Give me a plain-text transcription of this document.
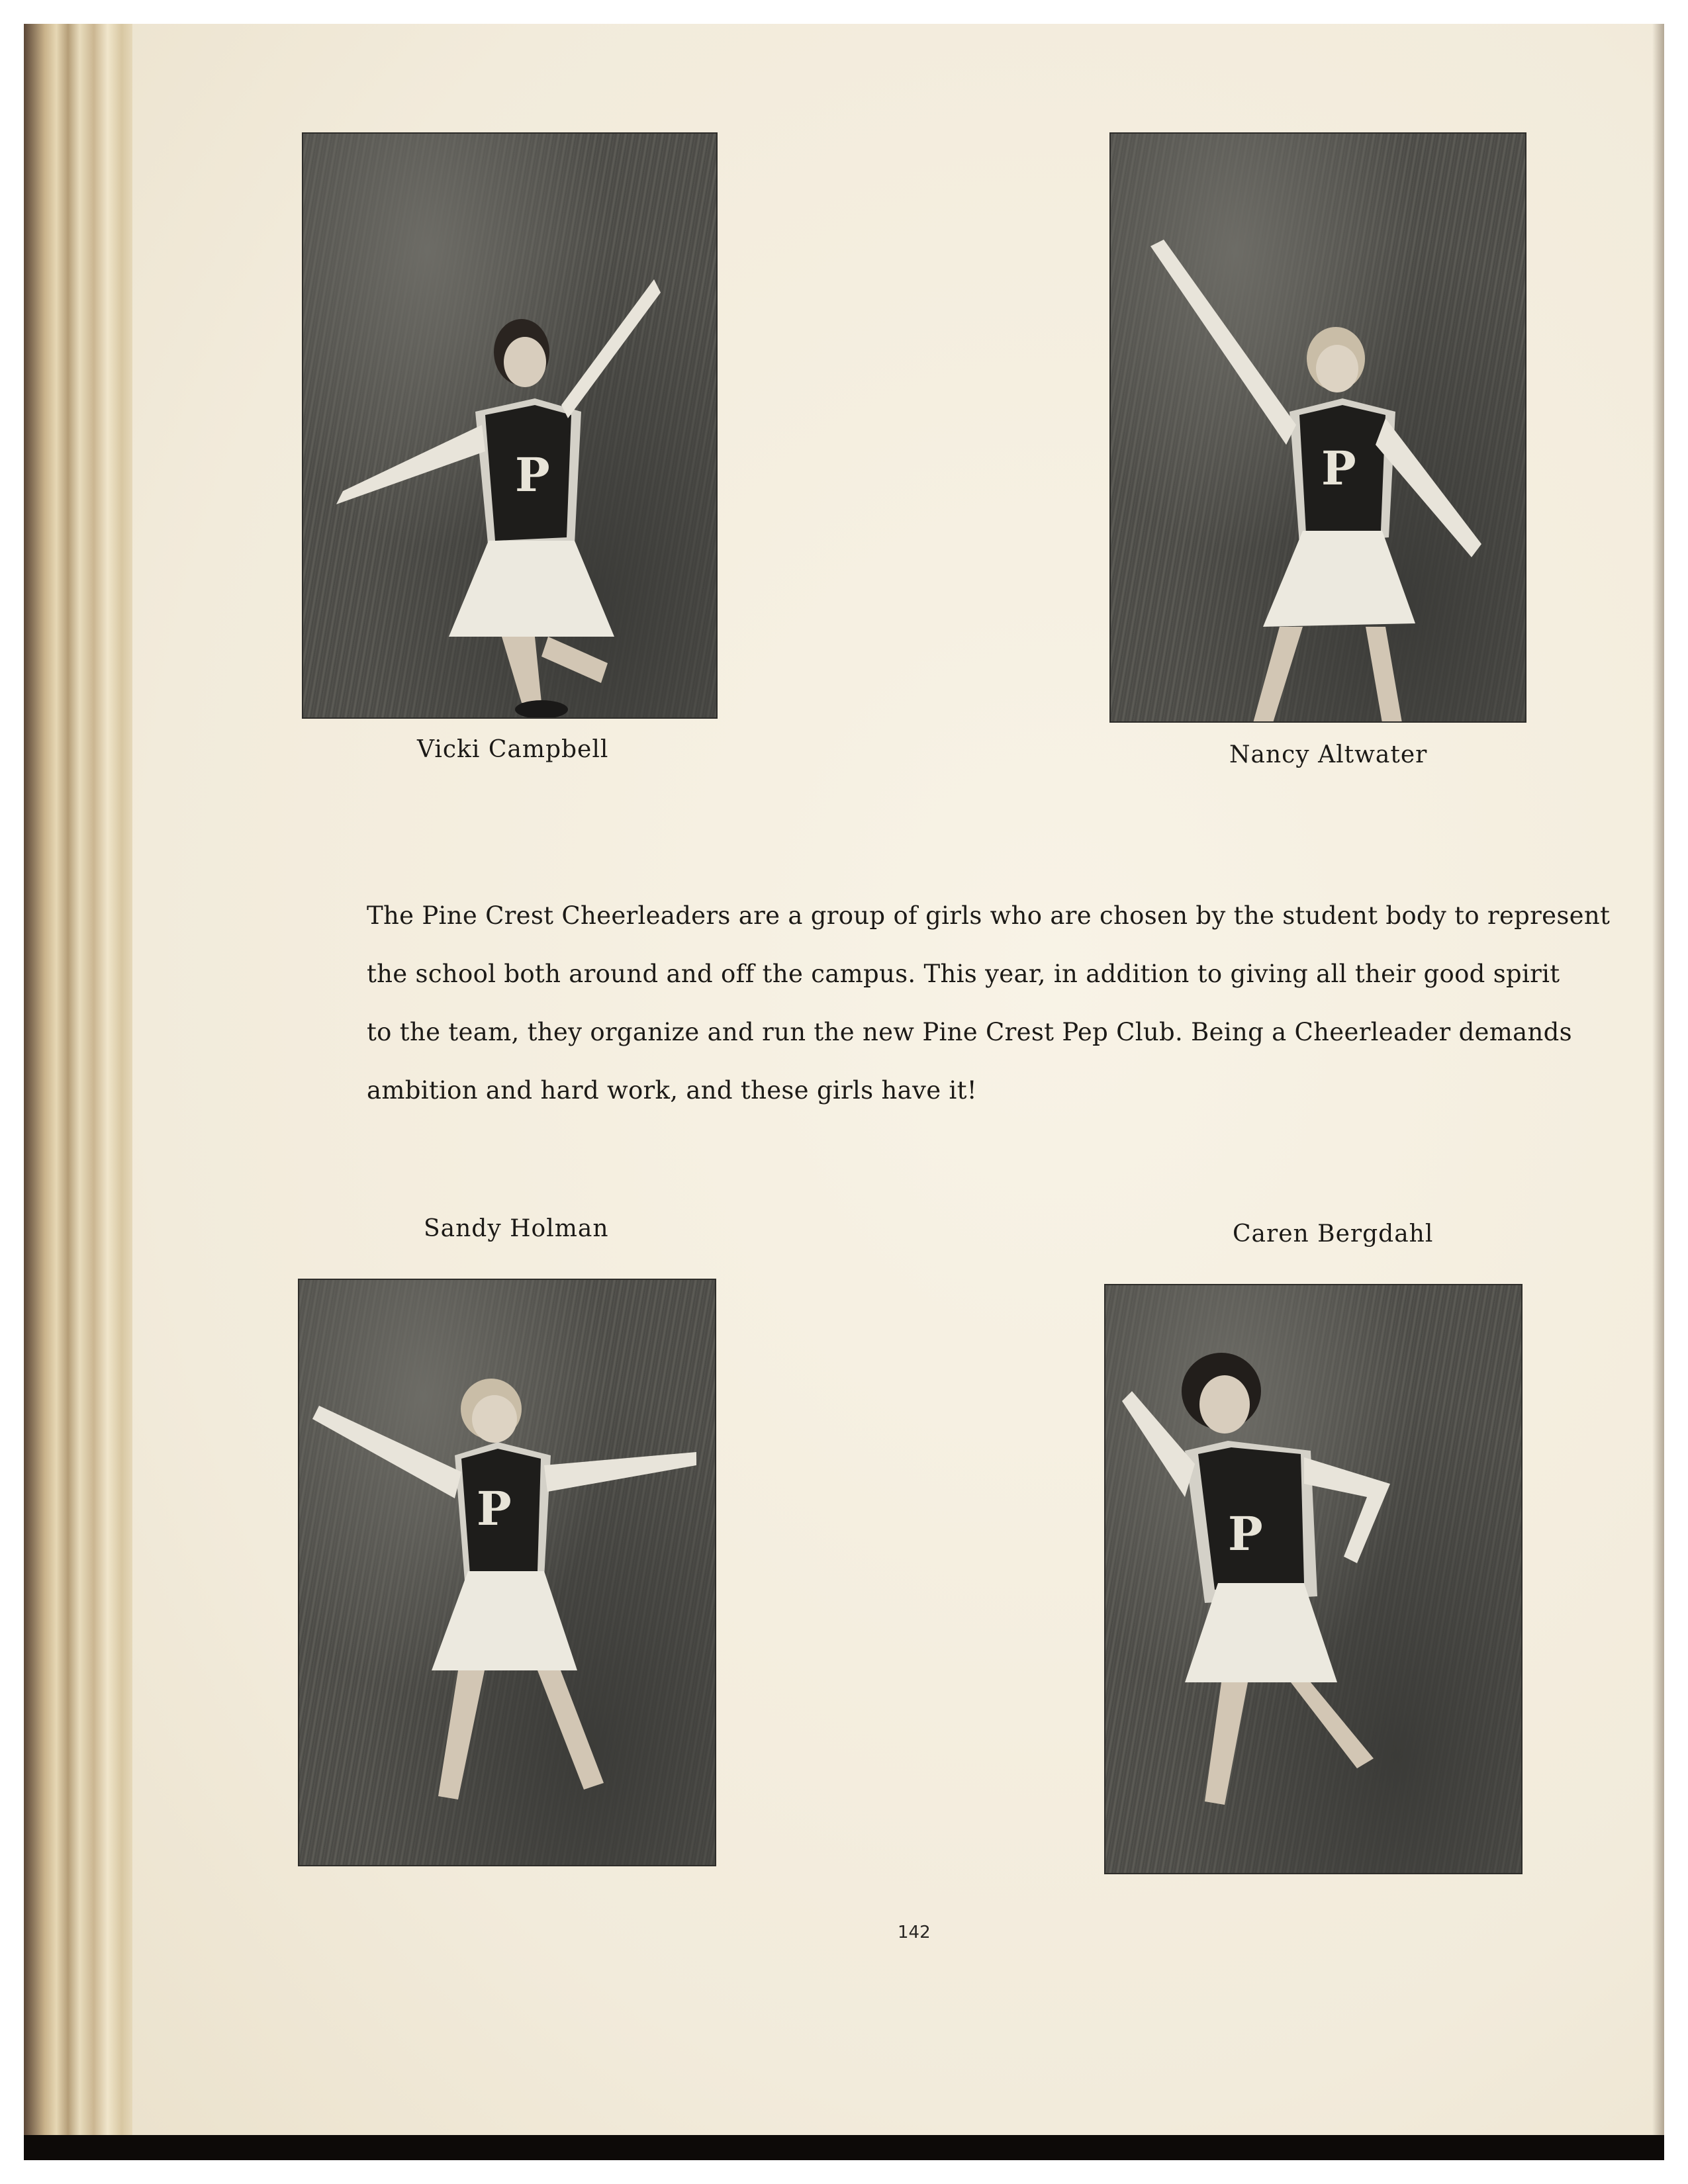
P	P
P	P
Vicki Campbell	Nancy Altwater
Sandy Holman	Caren Bergdahl
The Pine Crest Cheerleaders are a group of girls who are chosen by the student body to represent
the school both around and off the campus. This year, in addition to giving all their good spirit
to the team, they organize and run the new Pine Crest Pep Club. Being a Cheerleader demands
ambition and hard work, and these girls have it!
142
